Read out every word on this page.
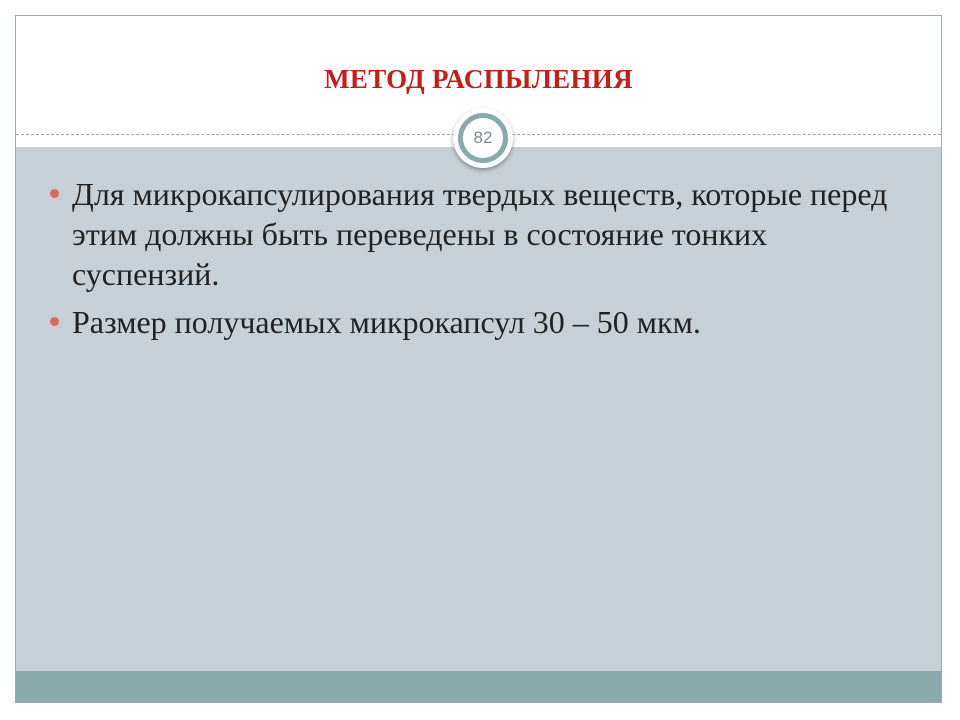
МЕТОД РАСПЫЛЕНИЯ
82
Для микрокапсулирования твердых веществ, которые перед этим должны быть переведены в состояние тонких суспензий.
Размер получаемых микрокапсул 30 – 50 мкм.
